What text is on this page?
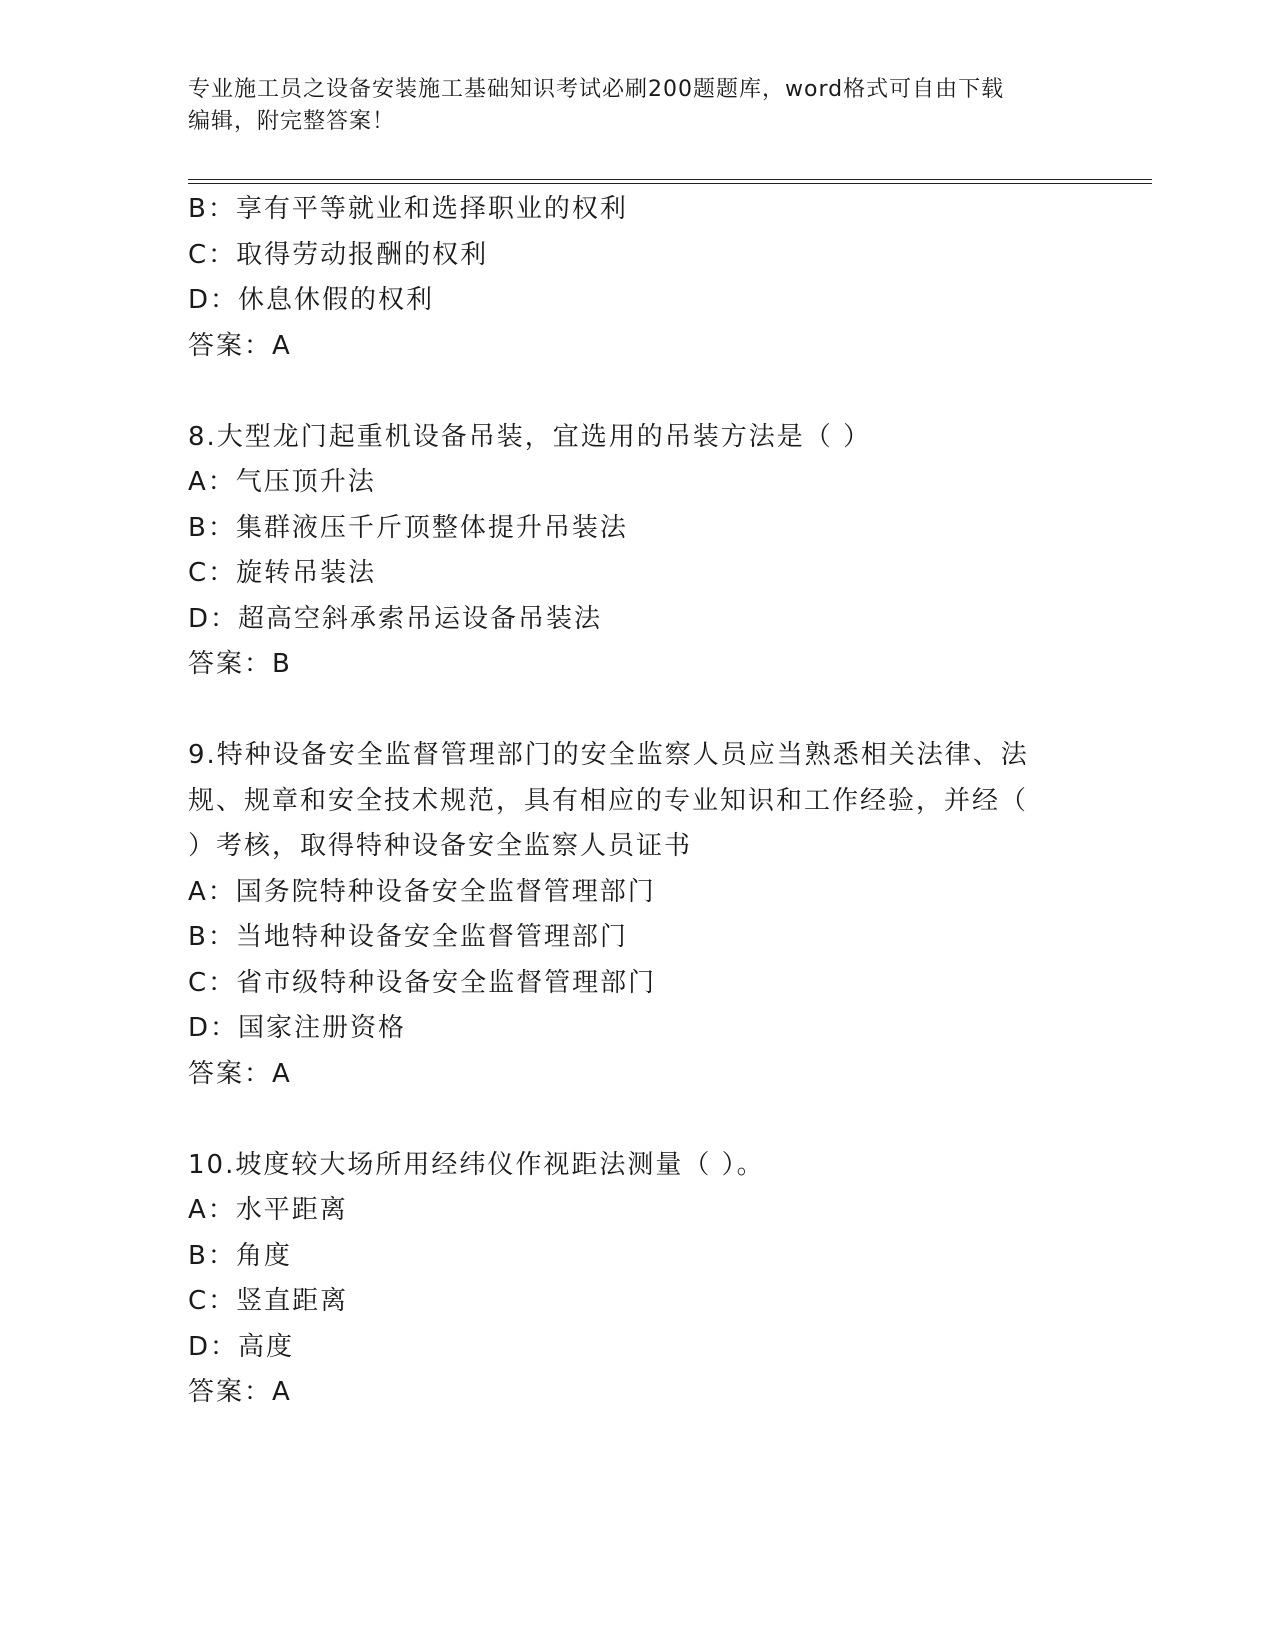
专业施工员之设备安装施工基础知识考试必刷200题题库，word格式可自由下载
编辑，附完整答案！
B：享有平等就业和选择职业的权利
C：取得劳动报酬的权利
D：休息休假的权利
答案：A
8.大型龙门起重机设备吊装，宜选用的吊装方法是（ ）
A：气压顶升法
B：集群液压千斤顶整体提升吊装法
C：旋转吊装法
D：超高空斜承索吊运设备吊装法
答案：B
9.特种设备安全监督管理部门的安全监察人员应当熟悉相关法律、法
规、规章和安全技术规范，具有相应的专业知识和工作经验，并经（
）考核，取得特种设备安全监察人员证书
A：国务院特种设备安全监督管理部门
B：当地特种设备安全监督管理部门
C：省市级特种设备安全监督管理部门
D：国家注册资格
答案：A
10.坡度较大场所用经纬仪作视距法测量（ ）。
A：水平距离
B：角度
C：竖直距离
D：高度
答案：A
